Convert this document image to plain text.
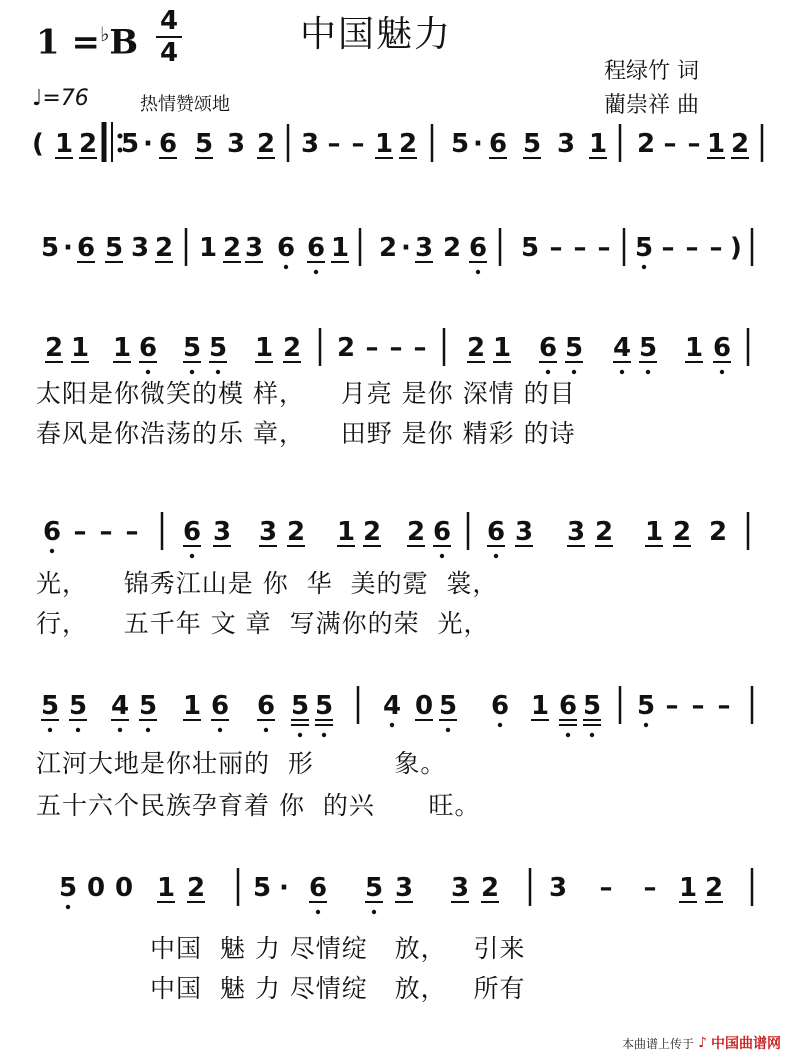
1 =♭B
4
4	中国魅力
程绿竹 词
藺崇祥 曲
♩=76	热情赞颂地
( 1 2 5 · 6 5 3 2 3 – – 1 2 5 · 6 5 3 1 2 – – 1 2
5 · 6 5 3 2 1 2 3 6 6 1 2 · 3 2 6 5 – – – 5 – – – )
2 1 1 6 5 5 1 2 2 – – – 2 1 6 5 4 5 1 6
6 – – – 6 3 3 2 1 2 2 6 6 3 3 2 1 2 2
5 5 4 5 1 6 6 5 5 4 0 5 6 1 6 5 5 – – –
5 0 0 1 2 5 · 6 5 3 3 2 3 – – 1 2
太阳是你微笑的模 样，    月亮 是你 深情 的目
春风是你浩荡的乐 章，    田野 是你 精彩 的诗
光，    锦秀江山是 你  华  美的霓  裳，
行，    五千年 文 章  写满你的荣  光，
江河大地是你壮丽的  形         象。
五十六个民族孕育着 你  的兴      旺。
中国  魅 力 尽情绽   放，   引来
中国  魅 力 尽情绽   放，   所有
本曲谱上传于 ♪ 中国曲谱网
